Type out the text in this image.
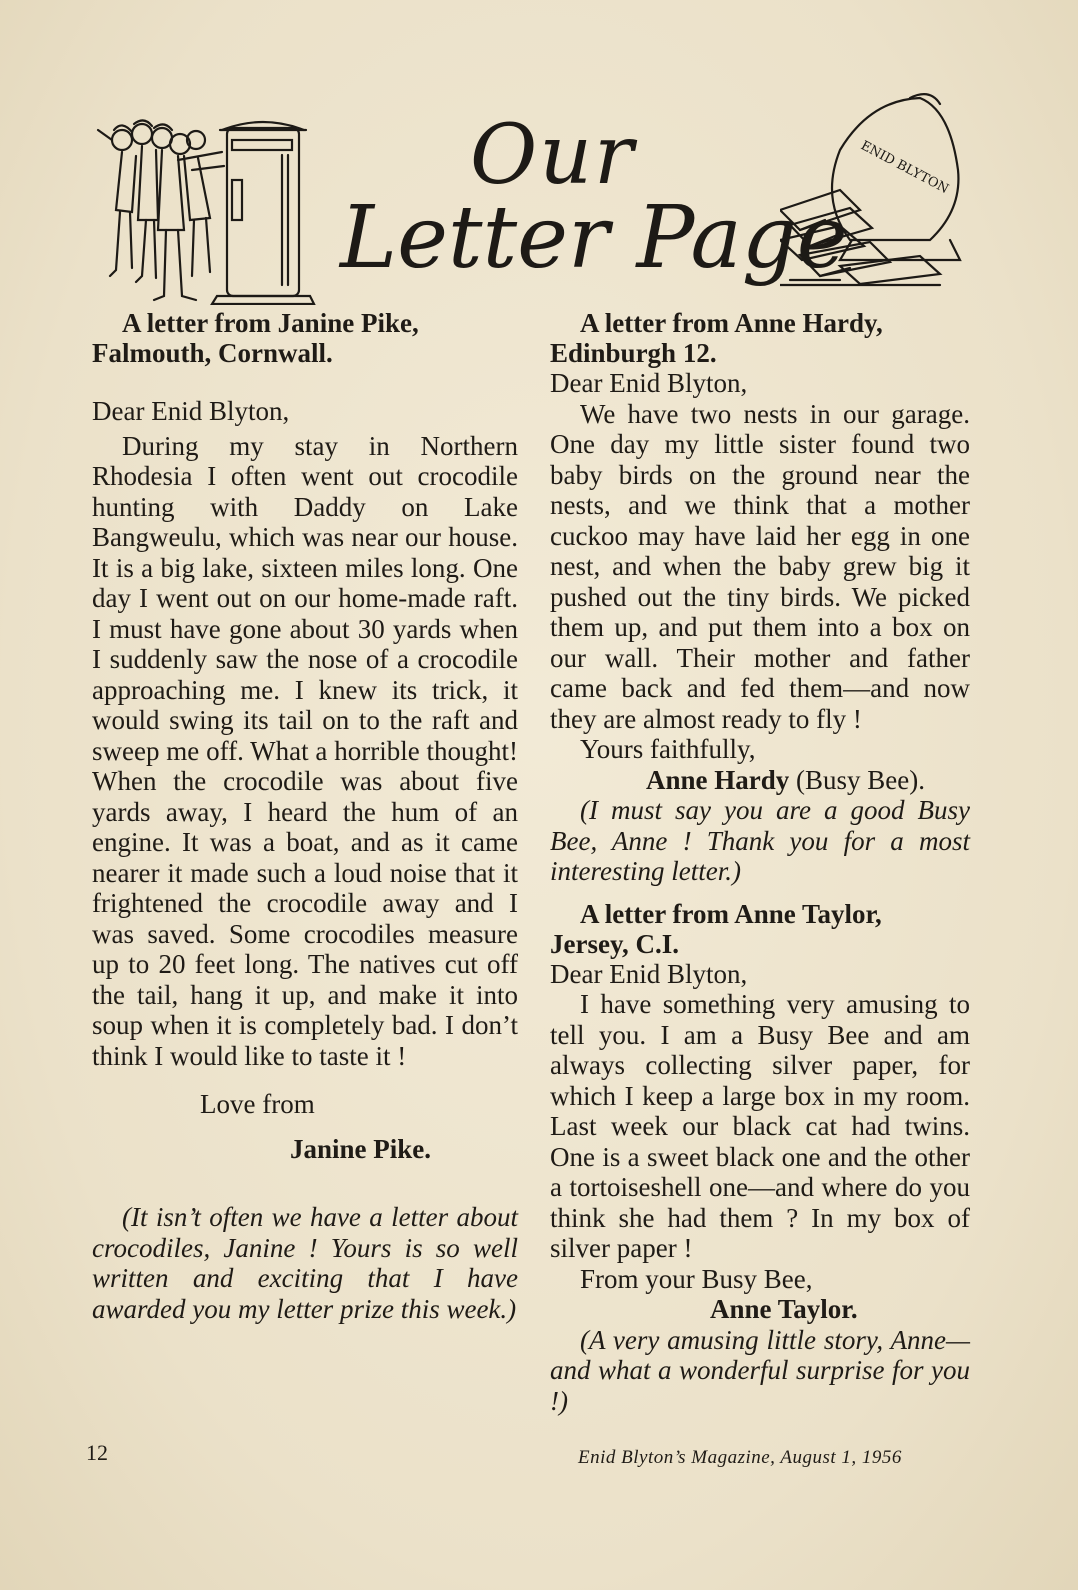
Our
Letter Page
ENID BLYTON
A letter from Janine Pike,
Falmouth, Cornwall.

Dear Enid Blyton,

During my stay in Northern Rhodesia I often went out crocodile hunting with Daddy on Lake Bangweulu, which was near our house. It is a big lake, sixteen miles long. One day I went out on our home-made raft. I must have gone about 30 yards when I suddenly saw the nose of a crocodile approaching me. I knew its trick, it would swing its tail on to the raft and sweep me off. What a horrible thought! When the crocodile was about five yards away, I heard the hum of an engine. It was a boat, and as it came nearer it made such a loud noise that it frightened the crocodile away and I was saved. Some crocodiles measure up to 20 feet long. The natives cut off the tail, hang it up, and make it into soup when it is completely bad. I don’t think I would like to taste it !

Love from

Janine Pike.

(It isn’t often we have a letter about crocodiles, Janine ! Yours is so well written and exciting that I have awarded you my letter prize this week.)

A letter from Anne Hardy,
Edinburgh 12.

Dear Enid Blyton,

We have two nests in our garage. One day my little sister found two baby birds on the ground near the nests, and we think that a mother cuckoo may have laid her egg in one nest, and when the baby grew big it pushed out the tiny birds. We picked them up, and put them into a box on our wall. Their mother and father came back and fed them—and now they are almost ready to fly !

Yours faithfully,

Anne Hardy (Busy Bee).

(I must say you are a good Busy Bee, Anne ! Thank you for a most interesting letter.)

A letter from Anne Taylor,
Jersey, C.I.

Dear Enid Blyton,

I have something very amusing to tell you. I am a Busy Bee and am always collecting silver paper, for which I keep a large box in my room. Last week our black cat had twins. One is a sweet black one and the other a tortoiseshell one—and where do you think she had them ? In my box of silver paper !

From your Busy Bee,

Anne Taylor.

(A very amusing little story, Anne—and what a wonderful surprise for you !)

12	Enid Blyton’s Magazine, August 1, 1956
